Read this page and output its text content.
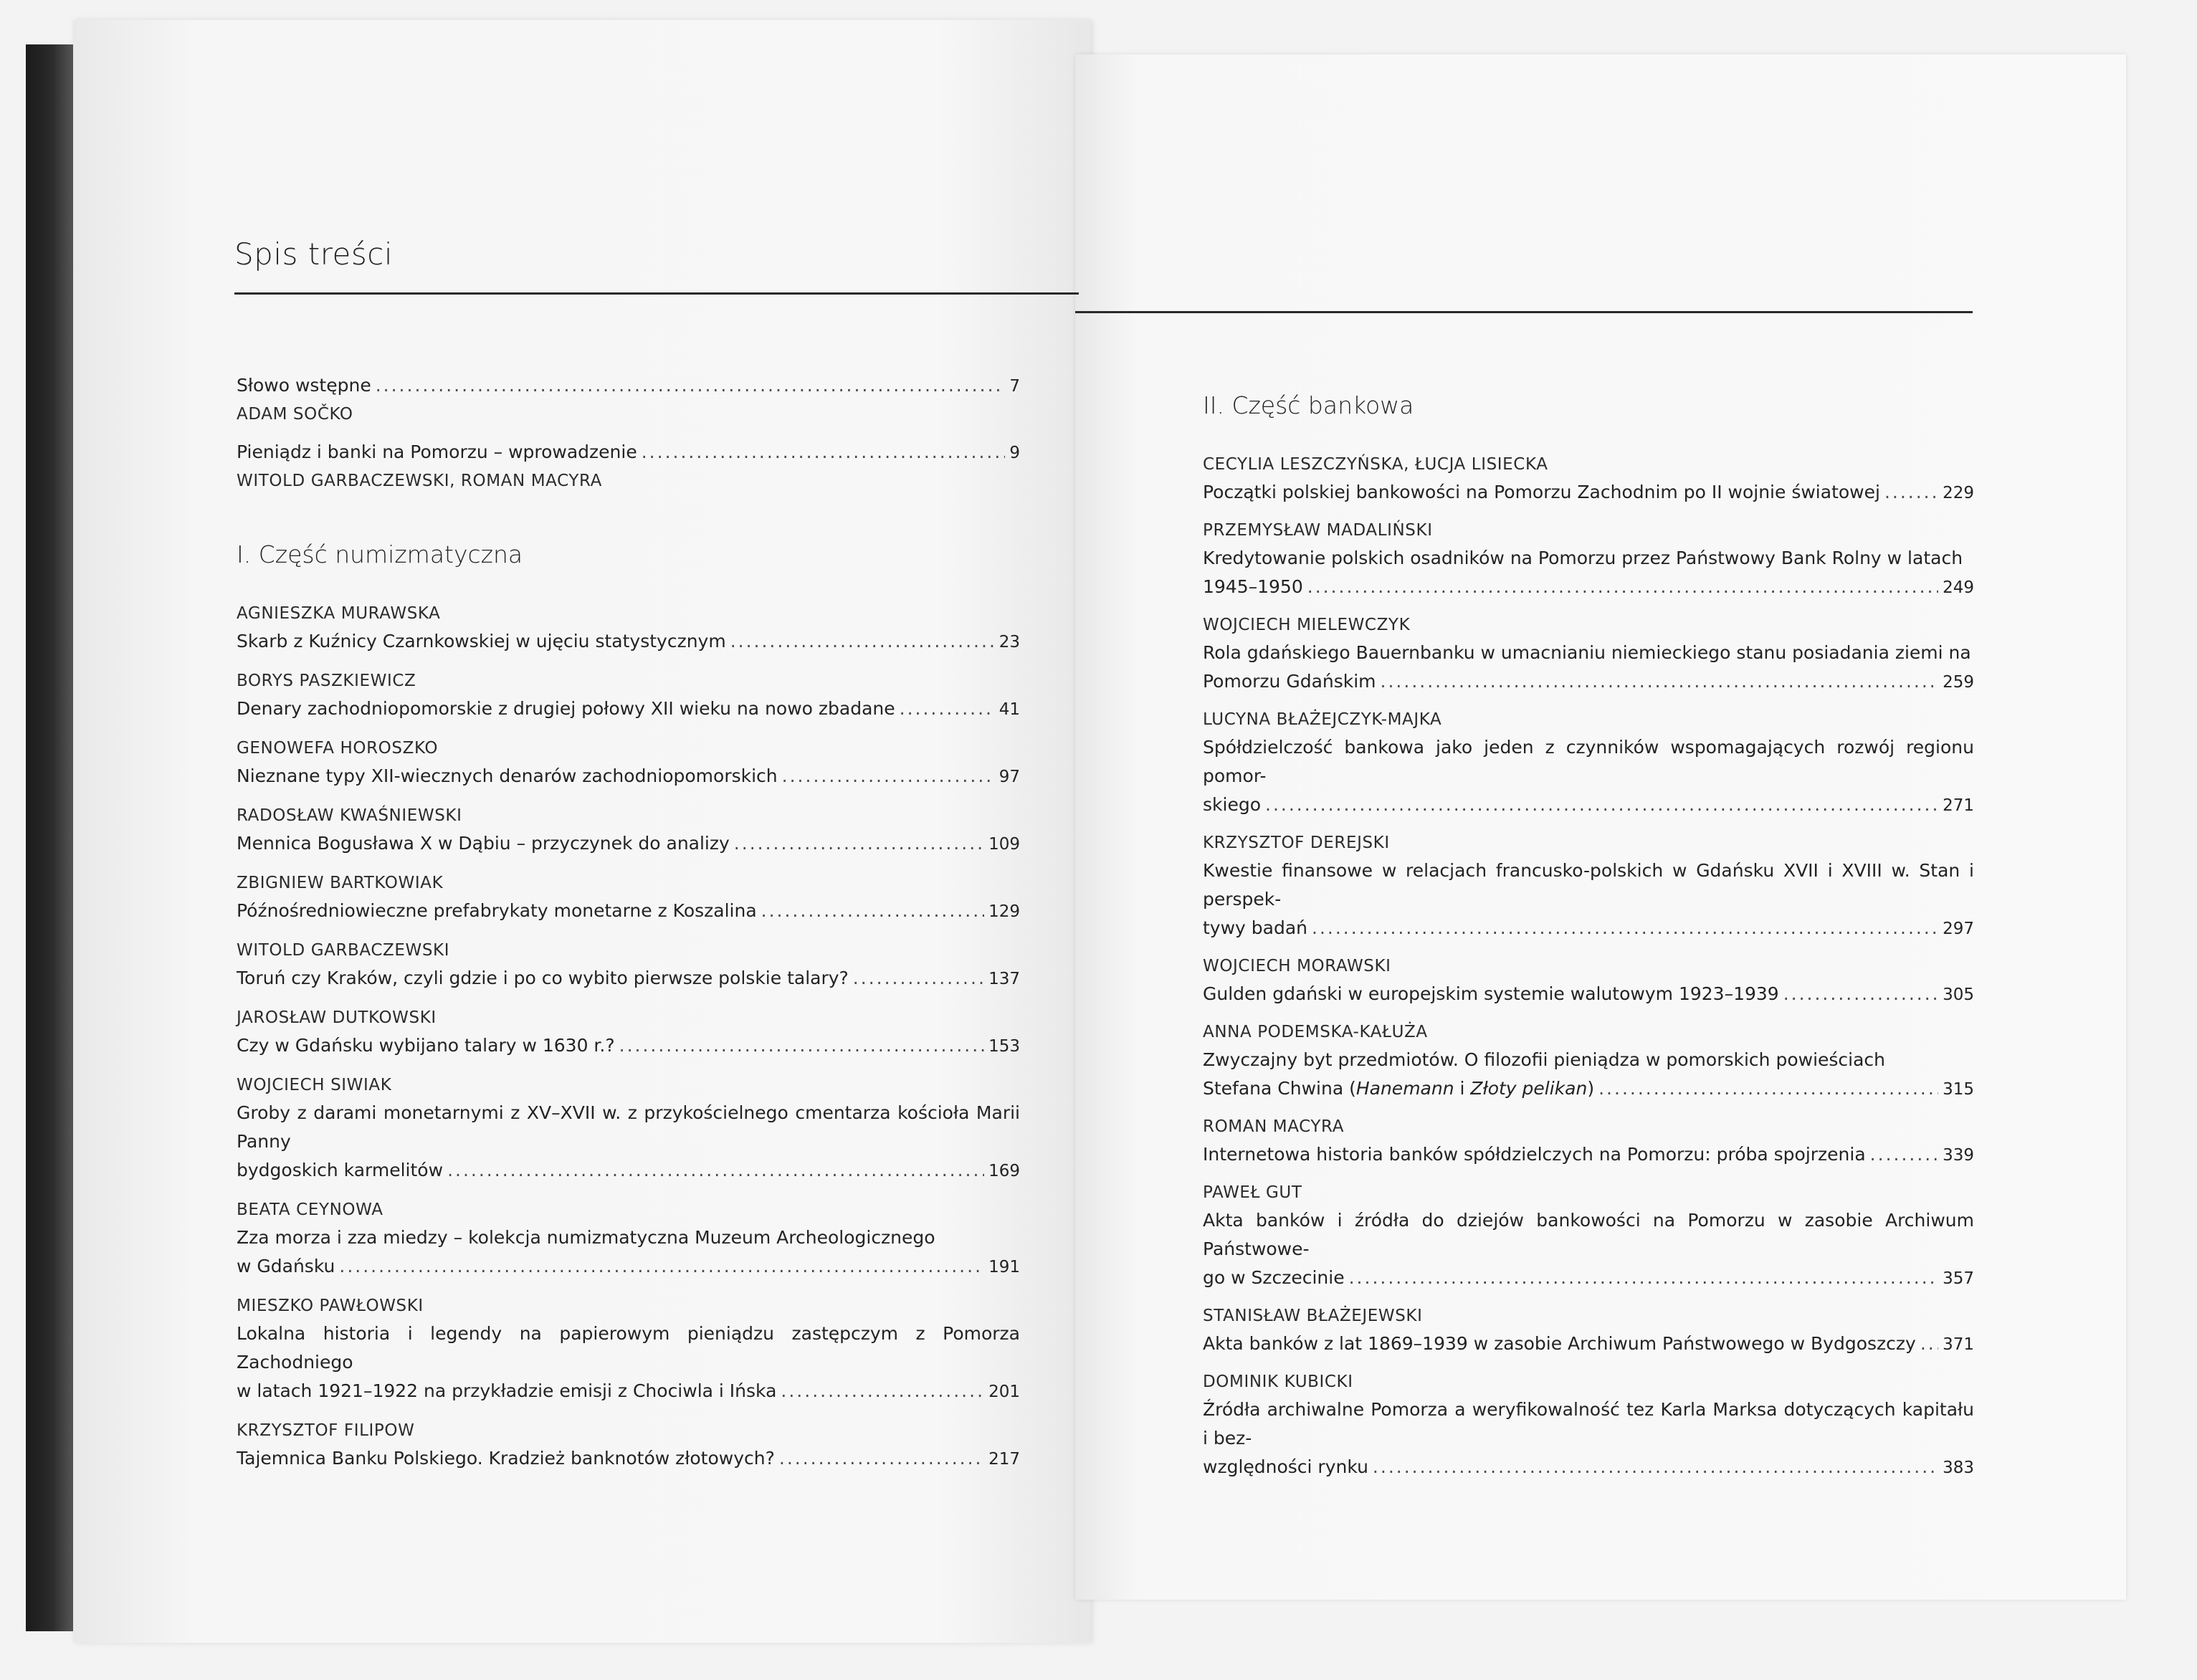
Spis treści
Słowo wstępne .....	7
ADAM SOČKO
Pieniądz i banki na Pomorzu – wprowadzenie .....	9
WITOLD GARBACZEWSKI, ROMAN MACYRA
I. Część numizmatyczna
AGNIESZKA MURAWSKA
Skarb z Kuźnicy Czarnkowskiej w ujęciu statystycznym .....	23
BORYS PASZKIEWICZ
Denary zachodniopomorskie z drugiej połowy XII wieku na nowo zbadane .....	41
GENOWEFA HOROSZKO
Nieznane typy XII-wiecznych denarów zachodniopomorskich .....	97
RADOSŁAW KWAŚNIEWSKI
Mennica Bogusława X w Dąbiu – przyczynek do analizy .....	109
ZBIGNIEW BARTKOWIAK
Późnośredniowieczne prefabrykaty monetarne z Koszalina .....	129
WITOLD GARBACZEWSKI
Toruń czy Kraków, czyli gdzie i po co wybito pierwsze polskie talary? .....	137
JAROSŁAW DUTKOWSKI
Czy w Gdańsku wybijano talary w 1630 r.? .....	153
WOJCIECH SIWIAK
Groby z darami monetarnymi z XV–XVII w. z przykościelnego cmentarza kościoła Marii Panny
bydgoskich karmelitów .....	169
BEATA CEYNOWA
Zza morza i zza miedzy – kolekcja numizmatyczna Muzeum Archeologicznego
w Gdańsku .....	191
MIESZKO PAWŁOWSKI
Lokalna historia i legendy na papierowym pieniądzu zastępczym z Pomorza Zachodniego
w latach 1921–1922 na przykładzie emisji z Chociwla i Ińska .....	201
KRZYSZTOF FILIPOW
Tajemnica Banku Polskiego. Kradzież banknotów złotowych? .....	217
II. Część bankowa
CECYLIA LESZCZYŃSKA, ŁUCJA LISIECKA
Początki polskiej bankowości na Pomorzu Zachodnim po II wojnie światowej .....	229
PRZEMYSŁAW MADALIŃSKI
Kredytowanie polskich osadników na Pomorzu przez Państwowy Bank Rolny w latach
1945–1950 .....	249
WOJCIECH MIELEWCZYK
Rola gdańskiego Bauernbanku w umacnianiu niemieckiego stanu posiadania ziemi na
Pomorzu Gdańskim .....	259
LUCYNA BŁAŻEJCZYK-MAJKA
Spółdzielczość bankowa jako jeden z czynników wspomagających rozwój regionu pomor-
skiego .....	271
KRZYSZTOF DEREJSKI
Kwestie finansowe w relacjach francusko-polskich w Gdańsku XVII i XVIII w. Stan i perspek-
tywy badań .....	297
WOJCIECH MORAWSKI
Gulden gdański w europejskim systemie walutowym 1923–1939 .....	305
ANNA PODEMSKA-KAŁUŻA
Zwyczajny byt przedmiotów. O filozofii pieniądza w pomorskich powieściach
Stefana Chwina (Hanemann i Złoty pelikan) .....	315
ROMAN MACYRA
Internetowa historia banków spółdzielczych na Pomorzu: próba spojrzenia .....	339
PAWEŁ GUT
Akta banków i źródła do dziejów bankowości na Pomorzu w zasobie Archiwum Państwowe-
go w Szczecinie .....	357
STANISŁAW BŁAŻEJEWSKI
Akta banków z lat 1869–1939 w zasobie Archiwum Państwowego w Bydgoszczy ..... 371
DOMINIK KUBICKI
Źródła archiwalne Pomorza a weryfikowalność tez Karla Marksa dotyczących kapitału i bez-
względności rynku .....	383
